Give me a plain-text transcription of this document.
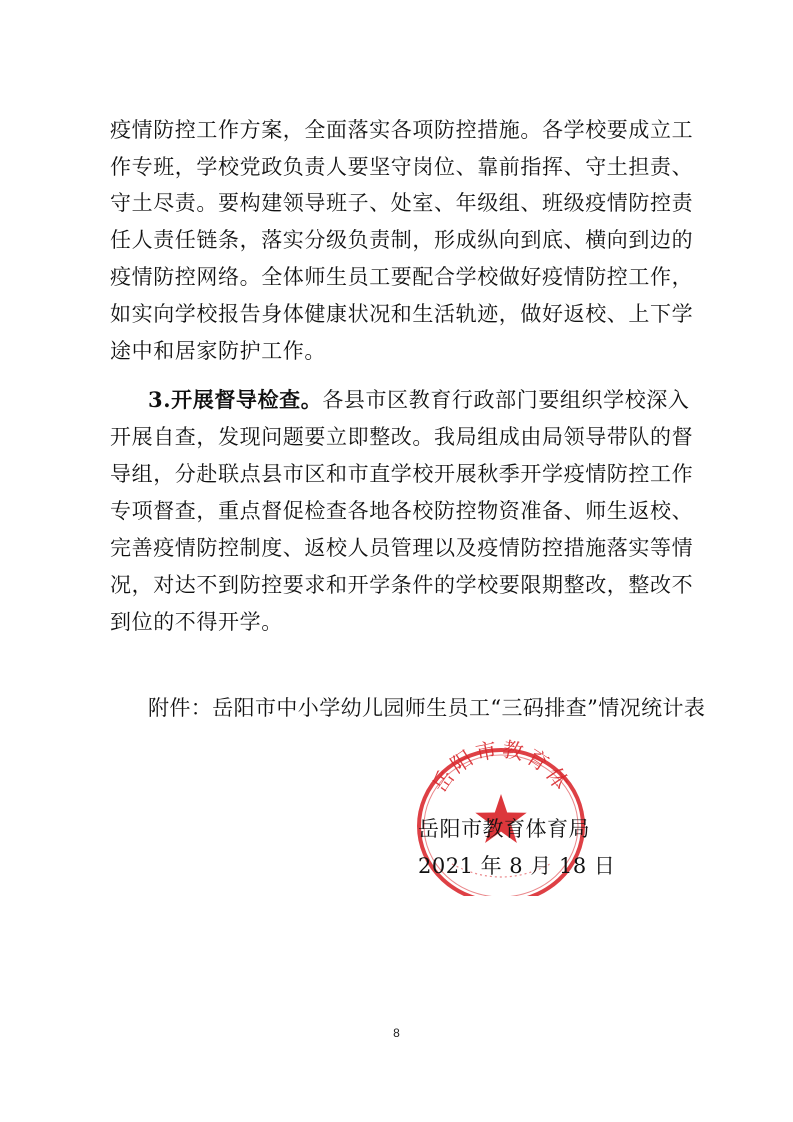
疫情防控工作方案，全面落实各项防控措施。各学校要成立工
作专班，学校党政负责人要坚守岗位、靠前指挥、守土担责、
守土尽责。要构建领导班子、处室、年级组、班级疫情防控责
任人责任链条，落实分级负责制，形成纵向到底、横向到边的
疫情防控网络。全体师生员工要配合学校做好疫情防控工作，
如实向学校报告身体健康状况和生活轨迹，做好返校、上下学
途中和居家防护工作。
3.开展督导检查。各县市区教育行政部门要组织学校深入
开展自查，发现问题要立即整改。我局组成由局领导带队的督
导组，分赴联点县市区和市直学校开展秋季开学疫情防控工作
专项督查，重点督促检查各地各校防控物资准备、师生返校、
完善疫情防控制度、返校人员管理以及疫情防控措施落实等情
况，对达不到防控要求和开学条件的学校要限期整改，整改不
到位的不得开学。
附件：岳阳市中小学幼儿园师生员工“三码排查”情况统计表
岳阳市教育体
岳阳市教育体育局
2021 年 8 月 18 日
8
